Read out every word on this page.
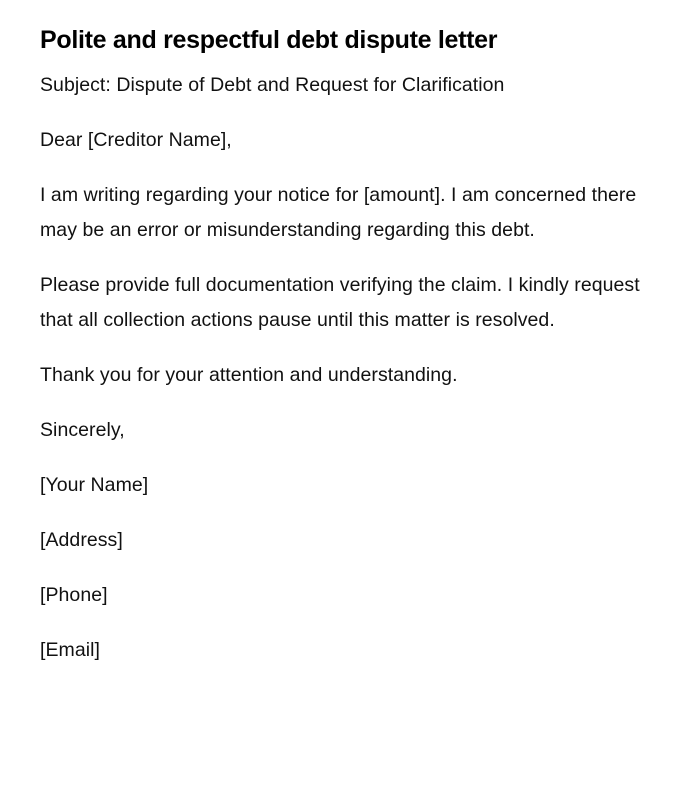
Polite and respectful debt dispute letter

Subject: Dispute of Debt and Request for Clarification

Dear [Creditor Name],

I am writing regarding your notice for [amount]. I am concerned there may be an error or misunderstanding regarding this debt.

Please provide full documentation verifying the claim. I kindly request that all collection actions pause until this matter is resolved.

Thank you for your attention and understanding.

Sincerely,

[Your Name]

[Address]

[Phone]

[Email]
